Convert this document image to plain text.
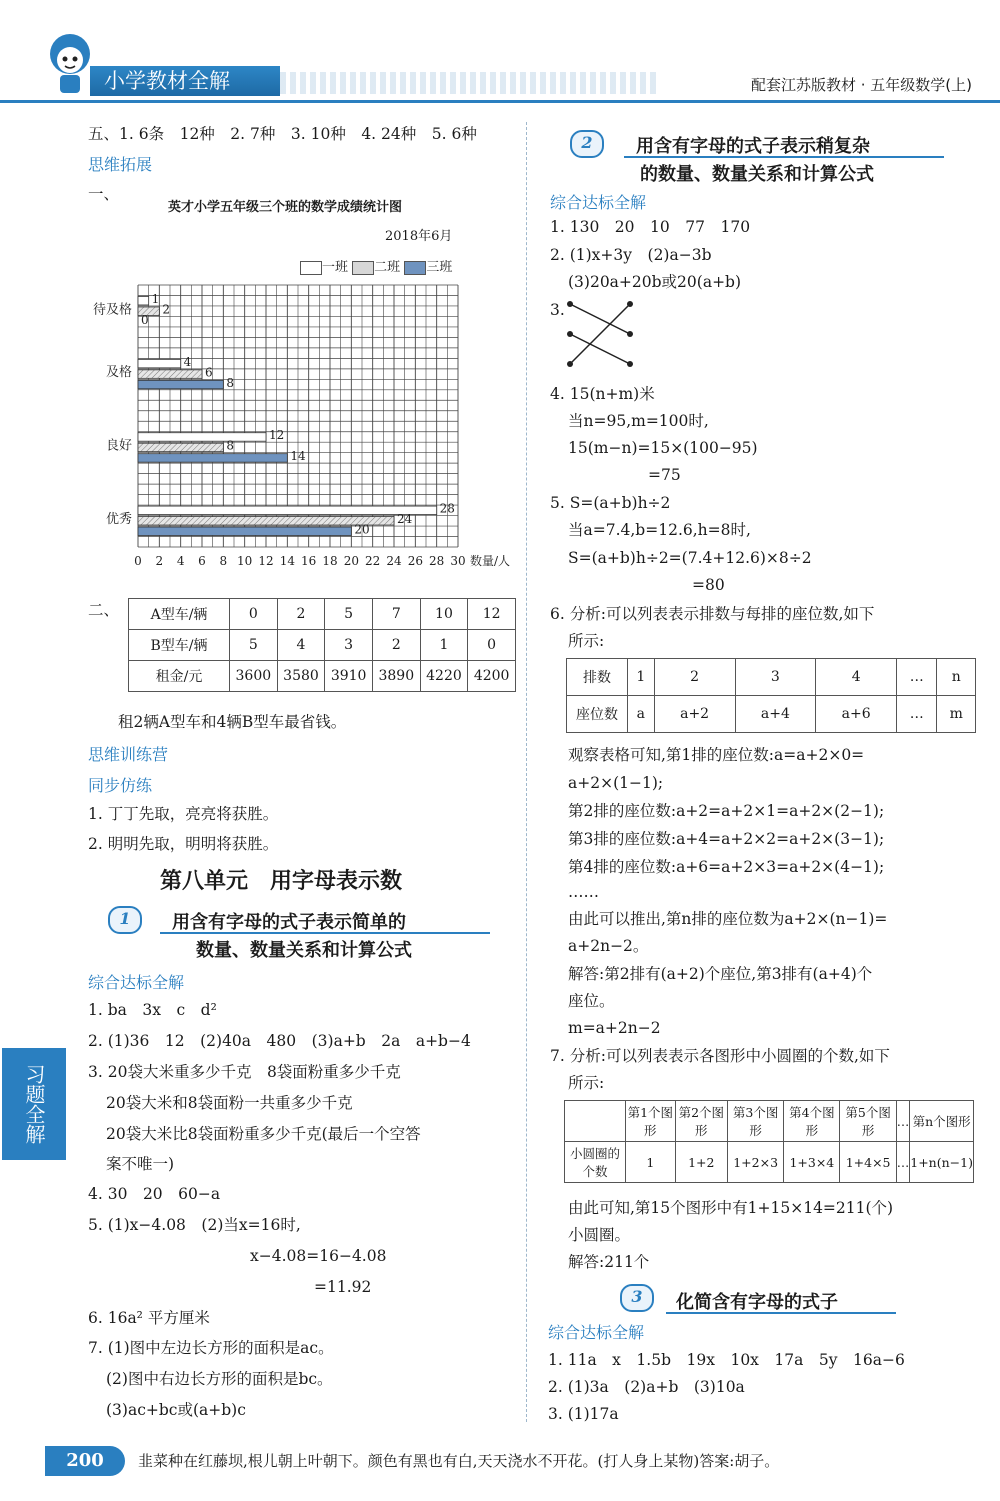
小学教材全解	配套江苏版教材 · 五年级数学(上)
五、1. 6条　12种　2. 7种　3. 10种　4. 24种　5. 6种
思维拓展
一、
英才小学五年级三个班的数学成绩统计图
2018年6月
一班 二班 三班
待及格
1
2
0
及格
4
6
8
良好
12
8
14
优秀
28
24
20
0 2 4 6 8 10 12 14 16 18 20 22 24 26 28 30 数量/人
二、 A型车/辆	0	2	5	7	10	12
B型车/辆	5	4	3	2	1	0
租金/元	3600	3580	3910	3890	4220	4200
租2辆A型车和4辆B型车最省钱。
思维训练营
同步仿练
1. 丁丁先取，亮亮将获胜。
2. 明明先取，明明将获胜。
第八单元　用字母表示数
1	用含有字母的式子表示简单的
数量、数量关系和计算公式
综合达标全解
1. ba　3x　c　d²
2. (1)36　12　(2)40a　480　(3)a+b　2a　a+b−4
3. 20袋大米重多少千克　8袋面粉重多少千克
20袋大米和8袋面粉一共重多少千克
20袋大米比8袋面粉重多少千克(最后一个空答
案不唯一)
4. 30　20　60−a
5. (1)x−4.08　(2)当x=16时,
x−4.08=16−4.08
=11.92
6. 16a² 平方厘米
7. (1)图中左边长方形的面积是ac。
(2)图中右边长方形的面积是bc。
(3)ac+bc或(a+b)c
习题全解
2	用含有字母的式子表示稍复杂
的数量、数量关系和计算公式
综合达标全解
1. 130　20　10　77　170
2. (1)x+3y　(2)a−3b
(3)20a+20b或20(a+b)
3.
4. 15(n+m)米
当n=95,m=100时,
15(m−n)=15×(100−95)
=75
5. S=(a+b)h÷2
当a=7.4,b=12.6,h=8时,
S=(a+b)h÷2=(7.4+12.6)×8÷2
=80
6. 分析:可以列表表示排数与每排的座位数,如下
所示:
排数	1	2	3	4	…	n
座位数	a	a+2	a+4	a+6	…	m
观察表格可知,第1排的座位数:a=a+2×0=
a+2×(1−1);
第2排的座位数:a+2=a+2×1=a+2×(2−1);
第3排的座位数:a+4=a+2×2=a+2×(3−1);
第4排的座位数:a+6=a+2×3=a+2×(4−1);
……
由此可以推出,第n排的座位数为a+2×(n−1)=
a+2n−2。
解答:第2排有(a+2)个座位,第3排有(a+4)个
座位。
m=a+2n−2
7. 分析:可以列表表示各图形中小圆圈的个数,如下
所示:
	第1个图形	第2个图形	第3个图形	第4个图形	第5个图形	…	第n个图形
小圆圈的个数	1	1+2	1+2×3	1+3×4	1+4×5	…	1+n(n−1)
由此可知,第15个图形中有1+15×14=211(个)
小圆圈。
解答:211个
3	化简含有字母的式子
综合达标全解
1. 11a　x　1.5b　19x　10x　17a　5y　16a−6
2. (1)3a　(2)a+b　(3)10a
3. (1)17a
200	韭菜种在红藤坝,根儿朝上叶朝下。颜色有黑也有白,天天浇水不开花。(打人身上某物)答案:胡子。
